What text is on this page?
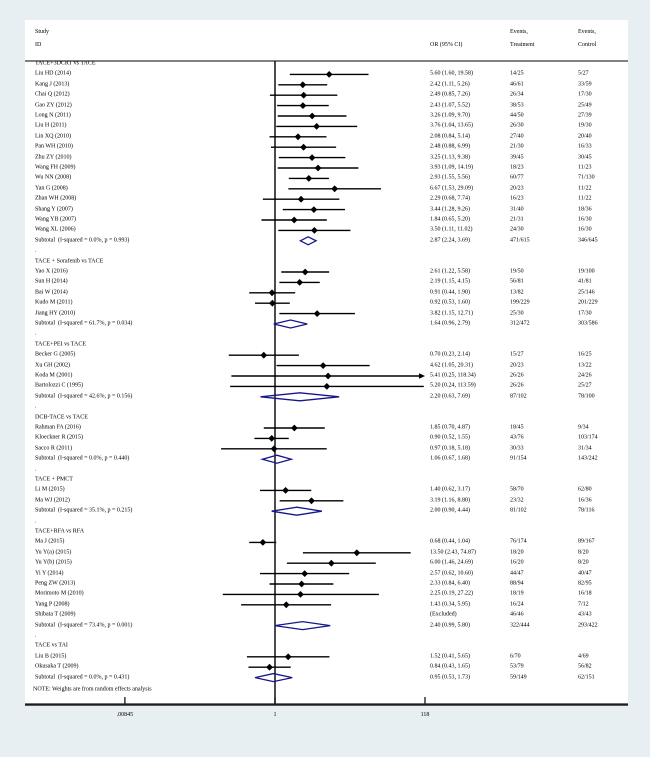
Study
ID	OR (95% CI)
Events,
Treatment
Events,
Control
TACE+3DCRT vs TACE
Liu HD (2014)	5.60 (1.60, 19.58)	14/25	5/27
Kang J (2013)	2.42 (1.11, 5.26)	46/61	33/59
Chai Q (2012)	2.49 (0.85, 7.26)	26/34	17/30
Gao ZY (2012)	2.43 (1.07, 5.52)	38/53	25/49
Long N (2011)	3.26 (1.09, 9.70)	44/50	27/39
Liu H (2011)	3.76 (1.04, 13.65)	26/30	19/30
Lin XQ (2010)	2.08 (0.84, 5.14)	27/40	20/40
Pan WH (2010)	2.48 (0.88, 6.99)	21/30	16/33
Zhu ZY (2010)	3.25 (1.13, 9.38)	39/45	30/45
Wang FH (2009)	3.93 (1.09, 14.19)	18/23	11/23
Wu NN (2008)	2.93 (1.55, 5.56)	60/77	71/130
Yan G (2008)	6.67 (1.53, 29.09)	20/23	11/22
Zhan WH (2008)	2.29 (0.68, 7.74)	16/23	11/22
Shang Y (2007)	3.44 (1.28, 9.26)	31/40	18/36
Wang YB (2007)	1.84 (0.65, 5.20)	21/31	16/30
Wang XL (2006)	3.50 (1.11, 11.02)	24/30	16/30
Subtotal  (I-squared = 0.0%, p = 0.993)	2.87 (2.24, 3.69)	471/615	346/645
.
TACE + Sorafenib vs TACE
Yao X (2016)	2.61 (1.22, 5.58)	19/50	19/100
Sun H (2014)	2.19 (1.15, 4.15)	56/81	41/81
Bai W (2014)	0.91 (0.44, 1.90)	13/82	25/146
Kudo M (2011)	0.92 (0.53, 1.60)	199/229	201/229
Jiang HY (2010)	3.82 (1.15, 12.71)	25/30	17/30
Subtotal  (I-squared = 61.7%, p = 0.034)	1.64 (0.96, 2.79)	312/472	303/586
.
TACE+PEI vs TACE
Becker G (2005)	0.70 (0.23, 2.14)	15/27	16/25
Xu GH (2002)	4.62 (1.05, 20.31)	20/23	13/22
Koda M (2001)	5.41 (0.25, 118.34)	26/26	24/26
Bartolozzi C (1995)	5.20 (0.24, 113.59)	26/26	25/27
Subtotal  (I-squared = 42.6%, p = 0.156)	2.20 (0.63, 7.69)	87/102	78/100
.
DCB-TACE vs TACE
Rahman FA (2016)	1.85 (0.70, 4.87)	18/45	9/34
Kloeckner R (2015)	0.90 (0.52, 1.55)	43/76	103/174
Sacco R (2011)	0.97 (0.18, 5.18)	30/33	31/34
Subtotal  (I-squared = 0.0%, p = 0.440)	1.06 (0.67, 1.68)	91/154	143/242
.
TACE + PMCT
Li M (2015)	1.40 (0.62, 3.17)	58/70	62/80
Ma WJ (2012)	3.19 (1.16, 8.80)	23/32	16/36
Subtotal  (I-squared = 35.1%, p = 0.215)	2.00 (0.90, 4.44)	81/102	78/116
.
TACE+RFA vs RFA
Ma J (2015)	0.68 (0.44, 1.04)	76/174	89/167
Yu Y(a) (2015)	13.50 (2.43, 74.87)	18/20	8/20
Yu Y(b) (2015)	6.00 (1.46, 24.69)	16/20	8/20
Yi Y (2014)	2.57 (0.62, 10.60)	44/47	40/47
Peng ZW (2013)	2.33 (0.84, 6.40)	88/94	82/95
Morimoto M (2010)	2.25 (0.19, 27.22)	18/19	16/18
Yang P (2008)	1.43 (0.34, 5.95)	16/24	7/12
Shibata T (2009)	(Excluded)	46/46	43/43
Subtotal  (I-squared = 73.4%, p = 0.001)	2.40 (0.99, 5.80)	322/444	293/422
.
TACE vs TAI
Liu B (2015)	1.52 (0.41, 5.65)	6/70	4/69
Okusaka T (2009)	0.84 (0.43, 1.65)	53/79	56/82
Subtotal  (I-squared = 0.0%, p = 0.431)	0.95 (0.53, 1.73)	59/149	62/151
NOTE: Weights are from random effects analysis
.00845	1	118
